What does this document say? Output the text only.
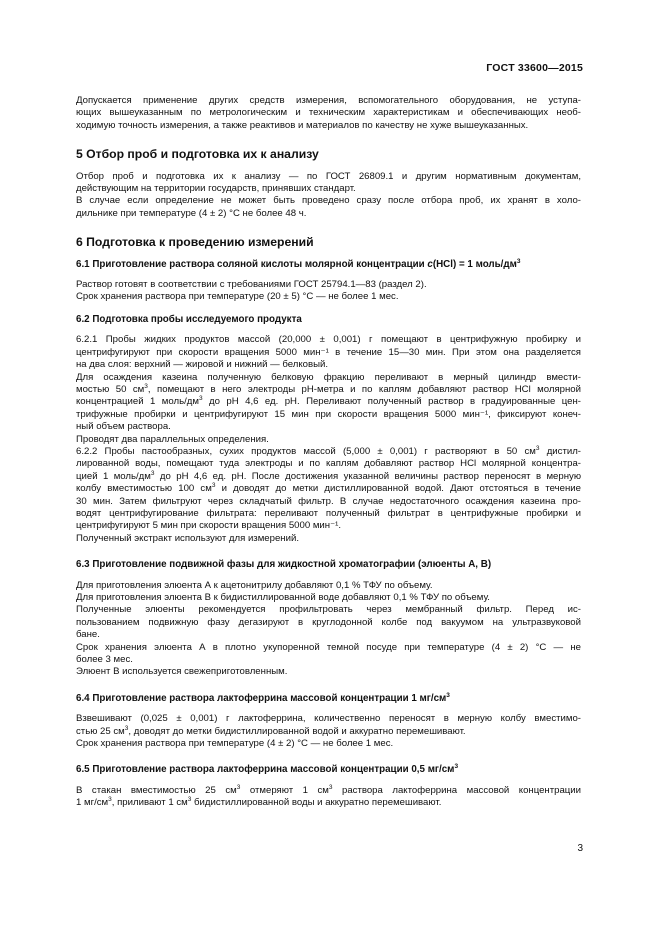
ГОСТ 33600—2015
Допускается применение других средств измерения, вспомогательного оборудования, не уступа-
ющих вышеуказанным по метрологическим и техническим характеристикам и обеспечивающих необ-
ходимую точность измерения, а также реактивов и материалов по качеству не хуже вышеуказанных.
5 Отбор проб и подготовка их к анализу
Отбор проб и подготовка их к анализу — по ГОСТ 26809.1 и другим нормативным документам,
действующим на территории государств, принявших стандарт.
В случае если определение не может быть проведено сразу после отбора проб, их хранят в холо-
дильнике при температуре (4 ± 2) °С не более 48 ч.
6 Подготовка к проведению измерений
6.1 Приготовление раствора соляной кислоты молярной концентрации с(HCl) = 1 моль/$дм^3$
Раствор готовят в соответствии с требованиями ГОСТ 25794.1—83 (раздел 2).
Срок хранения раствора при температуре (20 ± 5) °С — не более 1 мес.
6.2 Подготовка пробы исследуемого продукта
6.2.1 Пробы жидких продуктов массой (20,000 ± 0,001) г помещают в центрифужную пробирку и
центрифугируют при скорости вращения 5000 мин⁻¹ в течение 15—30 мин. При этом она разделяется
на два слоя: верхний — жировой и нижний — белковый.
Для осаждения казеина полученную белковую фракцию переливают в мерный цилиндр вмести-
мостью 50 $см^3$, помещают в него электроды pH-метра и по каплям добавляют раствор HCl молярной
концентрацией 1 моль/$дм^3$ до pH 4,6 ед. pH. Переливают полученный раствор в градуированные цен-
трифужные пробирки и центрифугируют 15 мин при скорости вращения 5000 мин⁻¹, фиксируют конеч-
ный объем раствора.
Проводят два параллельных определения.
6.2.2 Пробы пастообразных, сухих продуктов массой (5,000 ± 0,001) г растворяют в 50 $см^3$ дистил-
лированной воды, помещают туда электроды и по каплям добавляют раствор HCl молярной концентра-
цией 1 моль/$дм^3$ до pH 4,6 ед. pH. После достижения указанной величины раствор переносят в мерную
колбу вместимостью 100 $см^3$ и доводят до метки дистиллированной водой. Дают отстояться в течение
30 мин. Затем фильтруют через складчатый фильтр. В случае недостаточного осаждения казеина про-
водят центрифугирование фильтрата: переливают полученный фильтрат в центрифужные пробирки и
центрифугируют 5 мин при скорости вращения 5000 мин⁻¹.
Полученный экстракт используют для измерений.
6.3 Приготовление подвижной фазы для жидкостной хроматографии (элюенты А, В)
Для приготовления элюента А к ацетонитрилу добавляют 0,1 % ТФУ по объему.
Для приготовления элюента В к бидистиллированной воде добавляют 0,1 % ТФУ по объему.
Полученные элюенты рекомендуется профильтровать через мембранный фильтр. Перед ис-
пользованием подвижную фазу дегазируют в круглодонной колбе под вакуумом на ультразвуковой
бане.
Срок хранения элюента А в плотно укупоренной темной посуде при температуре (4 ± 2) °С — не
более 3 мес.
Элюент В используется свежеприготовленным.
6.4 Приготовление раствора лактоферрина массовой концентрации 1 $мг/см^3$
Взвешивают (0,025 ± 0,001) г лактоферрина, количественно переносят в мерную колбу вместимо-
стью 25 $см^3$, доводят до метки бидистиллированной водой и аккуратно перемешивают.
Срок хранения раствора при температуре (4 ± 2) °С — не более 1 мес.
6.5 Приготовление раствора лактоферрина массовой концентрации 0,5 $мг/см^3$
В стакан вместимостью 25 $см^3$ отмеряют 1 $см^3$ раствора лактоферрина массовой концентрации
1 $мг/см^3$, приливают 1 $см^3$ бидистиллированной воды и аккуратно перемешивают.
3
